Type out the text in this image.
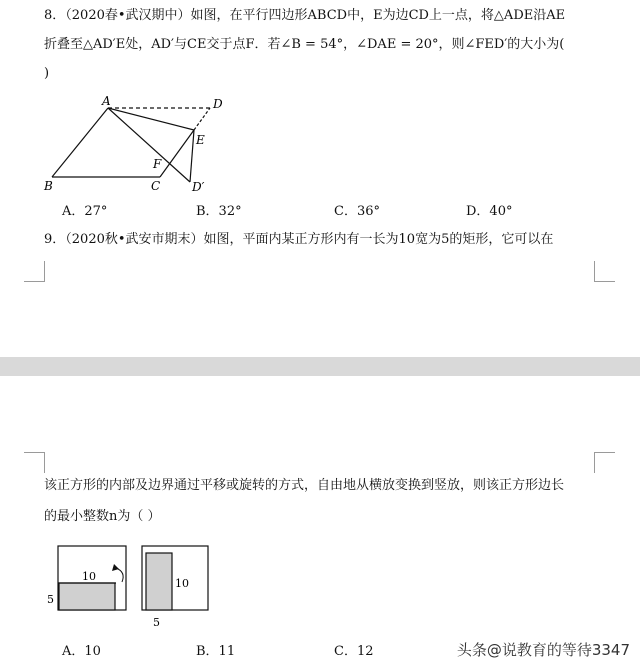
8．（2020春•武汉期中）如图，在平行四边形ABCD中，E为边CD上一点，将△ADE沿AE
折叠至△AD′E处，AD′与CE交于点F．若∠B = 54°，∠DAE = 20°，则∠FED′的大小为(
)
A	D
E
F
B	C	D′
A．27°	B．32°	C．36°	D．40°
9．（2020秋•武安市期末）如图，平面内某正方形内有一长为10宽为5的矩形，它可以在
该正方形的内部及边界通过平移或旋转的方式，自由地从横放变换到竖放，则该正方形边长
的最小整数n为（ ）
10
5
10
5
A．10	B．11	C．12	头条@说教育的等待3347
